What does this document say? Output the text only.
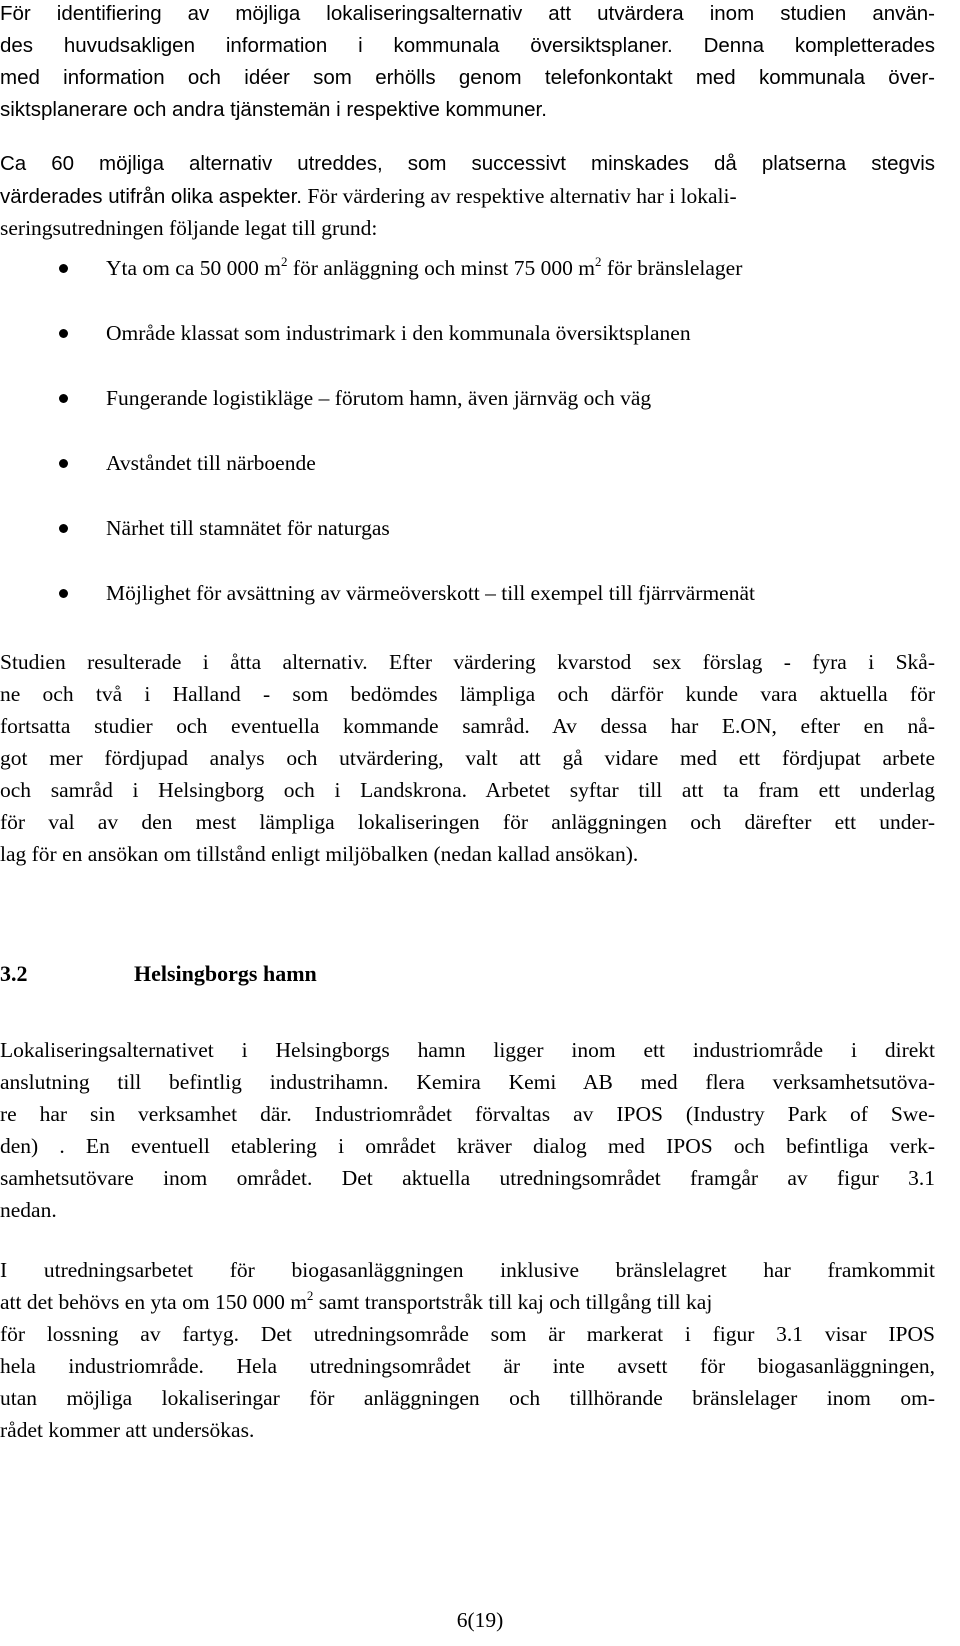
För identifiering av möjliga lokaliseringsalternativ att utvärdera inom studien använ-
des huvudsakligen information i kommunala översiktsplaner. Denna kompletterades
med information och idéer som erhölls genom telefonkontakt med kommunala över-
siktsplanerare och andra tjänstemän i respektive kommuner.
Ca 60 möjliga alternativ utreddes, som successivt minskades då platserna stegvis
värderades utifrån olika aspekter. För värdering av respektive alternativ har i lokali-
seringsutredningen följande legat till grund:
Yta om ca 50 000 $m^2$ för anläggning och minst 75 000 $m^2$ för bränslelager
Område klassat som industrimark i den kommunala översiktsplanen
Fungerande logistikläge – förutom hamn, även järnväg och väg
Avståndet till närboende
Närhet till stamnätet för naturgas
Möjlighet för avsättning av värmeöverskott – till exempel till fjärrvärmenät
Studien resulterade i åtta alternativ. Efter värdering kvarstod sex förslag - fyra i Skå-
ne och två i Halland - som bedömdes lämpliga och därför kunde vara aktuella för
fortsatta studier och eventuella kommande samråd. Av dessa har E.ON, efter en nå-
got mer fördjupad analys och utvärdering, valt att gå vidare med ett fördjupat arbete
och samråd i Helsingborg och i Landskrona. Arbetet syftar till att ta fram ett underlag
för val av den mest lämpliga lokaliseringen för anläggningen och därefter ett under-
lag för en ansökan om tillstånd enligt miljöbalken (nedan kallad ansökan).
3.2	Helsingborgs hamn
Lokaliseringsalternativet i Helsingborgs hamn ligger inom ett industriområde i direkt
anslutning till befintlig industrihamn. Kemira Kemi AB med flera verksamhetsutöva-
re har sin verksamhet där. Industriområdet förvaltas av IPOS (Industry Park of Swe-
den) . En eventuell etablering i området kräver dialog med IPOS och befintliga verk-
samhetsutövare inom området. Det aktuella utredningsområdet framgår av figur 3.1
nedan.
I utredningsarbetet för biogasanläggningen inklusive bränslelagret har framkommit
att det behövs en yta om 150 000 $m^2$ samt transportstråk till kaj och tillgång till kaj
för lossning av fartyg. Det utredningsområde som är markerat i figur 3.1 visar IPOS
hela industriområde. Hela utredningsområdet är inte avsett för biogasanläggningen,
utan möjliga lokaliseringar för anläggningen och tillhörande bränslelager inom om-
rådet kommer att undersökas.
6(19)
